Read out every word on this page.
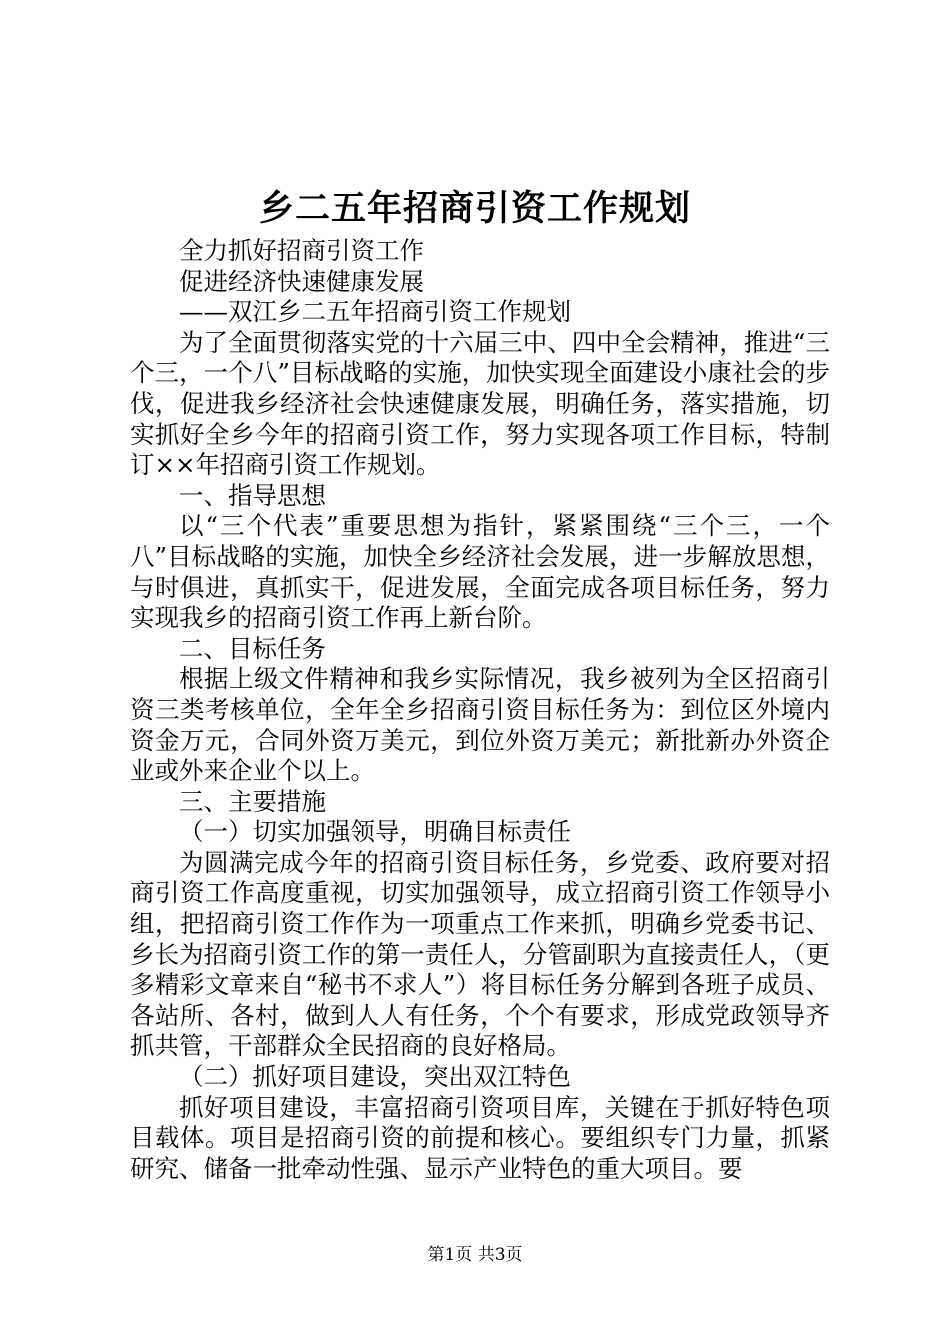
乡二五年招商引资工作规划

全力抓好招商引资工作

促进经济快速健康发展

——双江乡二五年招商引资工作规划

为了全面贯彻落实党的十六届三中、四中全会精神，推进“三个三，一个八”目标战略的实施，加快实现全面建设小康社会的步伐，促进我乡经济社会快速健康发展，明确任务，落实措施，切实抓好全乡今年的招商引资工作，努力实现各项工作目标，特制订××年招商引资工作规划。

一、指导思想

以“三个代表”重要思想为指针，紧紧围绕“三个三，一个八”目标战略的实施，加快全乡经济社会发展，进一步解放思想，与时俱进，真抓实干，促进发展，全面完成各项目标任务，努力实现我乡的招商引资工作再上新台阶。

二、目标任务

根据上级文件精神和我乡实际情况，我乡被列为全区招商引资三类考核单位，全年全乡招商引资目标任务为：到位区外境内资金万元，合同外资万美元，到位外资万美元；新批新办外资企业或外来企业个以上。

三、主要措施

（一）切实加强领导，明确目标责任

为圆满完成今年的招商引资目标任务，乡党委、政府要对招商引资工作高度重视，切实加强领导，成立招商引资工作领导小组，把招商引资工作作为一项重点工作来抓，明确乡党委书记、乡长为招商引资工作的第一责任人，分管副职为直接责任人，（更多精彩文章来自“秘书不求人”）将目标任务分解到各班子成员、各站所、各村，做到人人有任务，个个有要求，形成党政领导齐抓共管，干部群众全民招商的良好格局。

（二）抓好项目建设，突出双江特色

抓好项目建设，丰富招商引资项目库，关键在于抓好特色项目载体。项目是招商引资的前提和核心。要组织专门力量，抓紧研究、储备一批牵动性强、显示产业特色的重大项目。要

第1页 共3页
